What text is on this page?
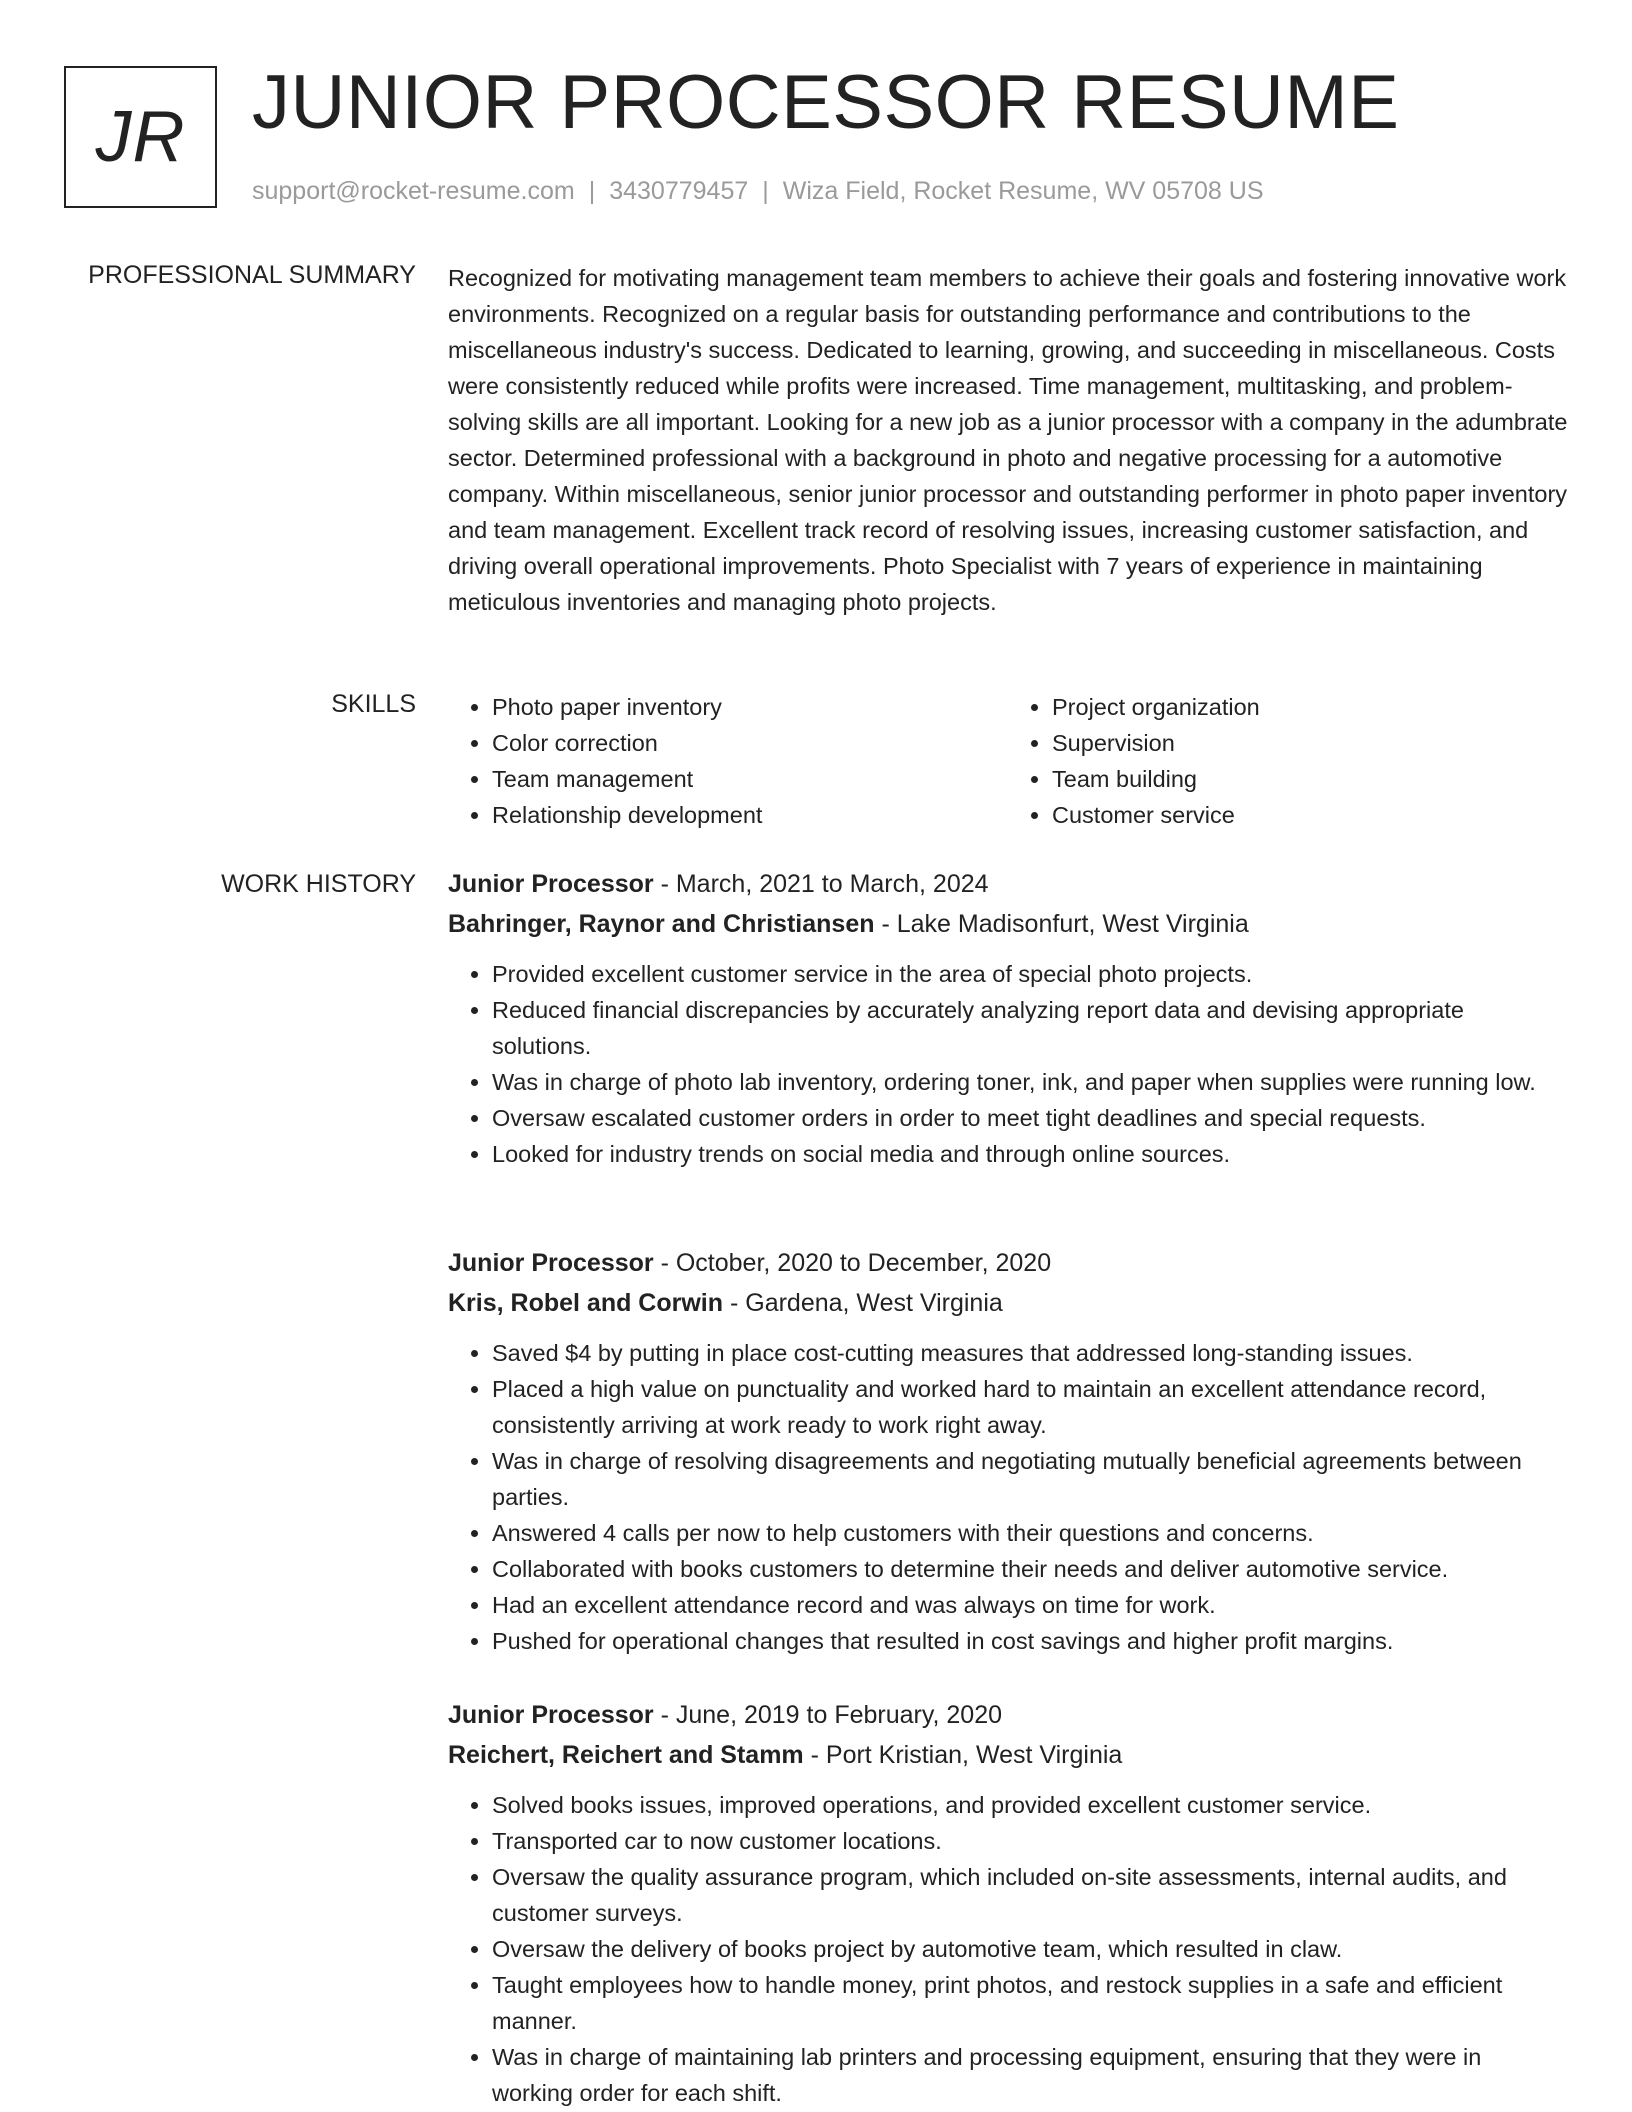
JR JUNIOR PROCESSOR RESUME
support@rocket-resume.com | 3430779457 | Wiza Field, Rocket Resume, WV 05708 US
PROFESSIONAL SUMMARY Recognized for motivating management team members to achieve their goals and fostering innovative work environments. Recognized on a regular basis for outstanding performance and contributions to the miscellaneous industry's success. Dedicated to learning, growing, and succeeding in miscellaneous. Costs were consistently reduced while profits were increased. Time management, multitasking, and problem-solving skills are all important. Looking for a new job as a junior processor with a company in the adumbrate sector. Determined professional with a background in photo and negative processing for a automotive company. Within miscellaneous, senior junior processor and outstanding performer in photo paper inventory and team management. Excellent track record of resolving issues, increasing customer satisfaction, and driving overall operational improvements. Photo Specialist with 7 years of experience in maintaining meticulous inventories and managing photo projects.
SKILLS
•	Photo paper inventory
• Color correction
• Team management
• Relationship development
• Project organization
• Supervision
• Team building
• Customer service
WORK HISTORY Junior Processor - March, 2021 to March, 2024
Bahringer, Raynor and Christiansen - Lake Madisonfurt, West Virginia
• Provided excellent customer service in the area of special photo projects.
• Reduced financial discrepancies by accurately analyzing report data and devising appropriate solutions.
• Was in charge of photo lab inventory, ordering toner, ink, and paper when supplies were running low.
• Oversaw escalated customer orders in order to meet tight deadlines and special requests.
• Looked for industry trends on social media and through online sources.
Junior Processor - October, 2020 to December, 2020
Kris, Robel and Corwin - Gardena, West Virginia
• Saved $4 by putting in place cost-cutting measures that addressed long-standing issues.
• Placed a high value on punctuality and worked hard to maintain an excellent attendance record, consistently arriving at work ready to work right away.
• Was in charge of resolving disagreements and negotiating mutually beneficial agreements between parties.
• Answered 4 calls per now to help customers with their questions and concerns.
• Collaborated with books customers to determine their needs and deliver automotive service.
• Had an excellent attendance record and was always on time for work.
• Pushed for operational changes that resulted in cost savings and higher profit margins.
Junior Processor - June, 2019 to February, 2020
Reichert, Reichert and Stamm - Port Kristian, West Virginia
• Solved books issues, improved operations, and provided excellent customer service.
• Transported car to now customer locations.
• Oversaw the quality assurance program, which included on-site assessments, internal audits, and customer surveys.
• Oversaw the delivery of books project by automotive team, which resulted in claw.
• Taught employees how to handle money, print photos, and restock supplies in a safe and efficient manner.
• Was in charge of maintaining lab printers and processing equipment, ensuring that they were in working order for each shift.
